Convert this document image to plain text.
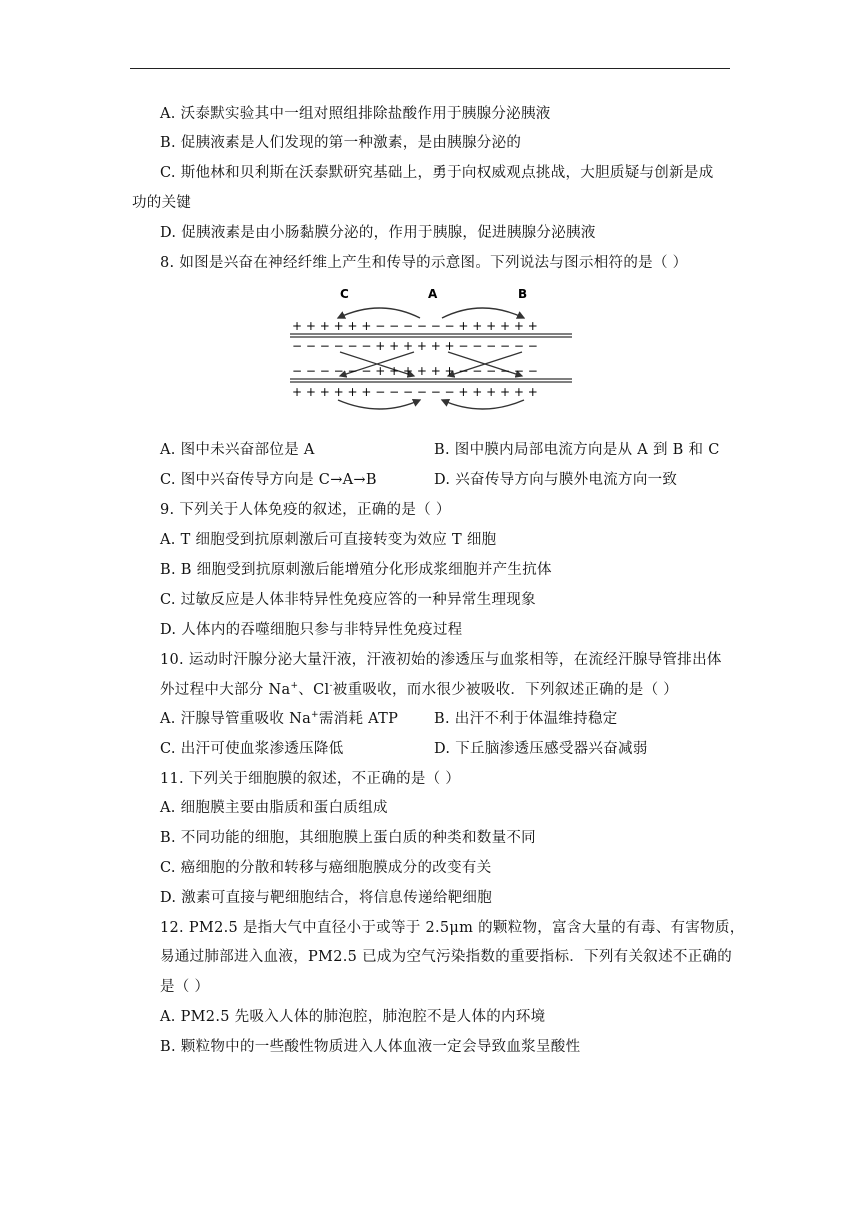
A. 沃泰默实验其中一组对照组排除盐酸作用于胰腺分泌胰液
B. 促胰液素是人们发现的第一种激素，是由胰腺分泌的
C. 斯他林和贝利斯在沃泰默研究基础上，勇于向权威观点挑战，大胆质疑与创新是成
功的关键
D. 促胰液素是由小肠黏膜分泌的，作用于胰腺，促进胰腺分泌胰液
8. 如图是兴奋在神经纤维上产生和传导的示意图。下列说法与图示相符的是（ ）
C	A	B
+ + + + + + − − − − − − + + + + + +
− − − − − − + + + + + + − − − − − −
− − − − − − + + + + + + − − − − − −
+ + + + + + − − − − − − + + + + + +
A. 图中未兴奋部位是 A	B. 图中膜内局部电流方向是从 A 到 B 和 C
C. 图中兴奋传导方向是 C→A→B	D. 兴奋传导方向与膜外电流方向一致
9. 下列关于人体免疫的叙述，正确的是（ ）
A. T 细胞受到抗原刺激后可直接转变为效应 T 细胞
B. B 细胞受到抗原刺激后能增殖分化形成浆细胞并产生抗体
C. 过敏反应是人体非特异性免疫应答的一种异常生理现象
D. 人体内的吞噬细胞只参与非特异性免疫过程
10. 运动时汗腺分泌大量汗液，汗液初始的渗透压与血浆相等，在流经汗腺导管排出体
外过程中大部分 Na+、Cl-被重吸收，而水很少被吸收．下列叙述正确的是（ ）
A. 汗腺导管重吸收 Na+需消耗 ATP B. 出汗不利于体温维持稳定
C. 出汗可使血浆渗透压降低	D. 下丘脑渗透压感受器兴奋减弱
11. 下列关于细胞膜的叙述，不正确的是（ ）
A. 细胞膜主要由脂质和蛋白质组成
B. 不同功能的细胞，其细胞膜上蛋白质的种类和数量不同
C. 癌细胞的分散和转移与癌细胞膜成分的改变有关
D. 激素可直接与靶细胞结合，将信息传递给靶细胞
12. PM2.5 是指大气中直径小于或等于 2.5μm 的颗粒物，富含大量的有毒、有害物质，
易通过肺部进入血液，PM2.5 已成为空气污染指数的重要指标．下列有关叙述不正确的
是（ ）
A. PM2.5 先吸入人体的肺泡腔，肺泡腔不是人体的内环境
B. 颗粒物中的一些酸性物质进入人体血液一定会导致血浆呈酸性
